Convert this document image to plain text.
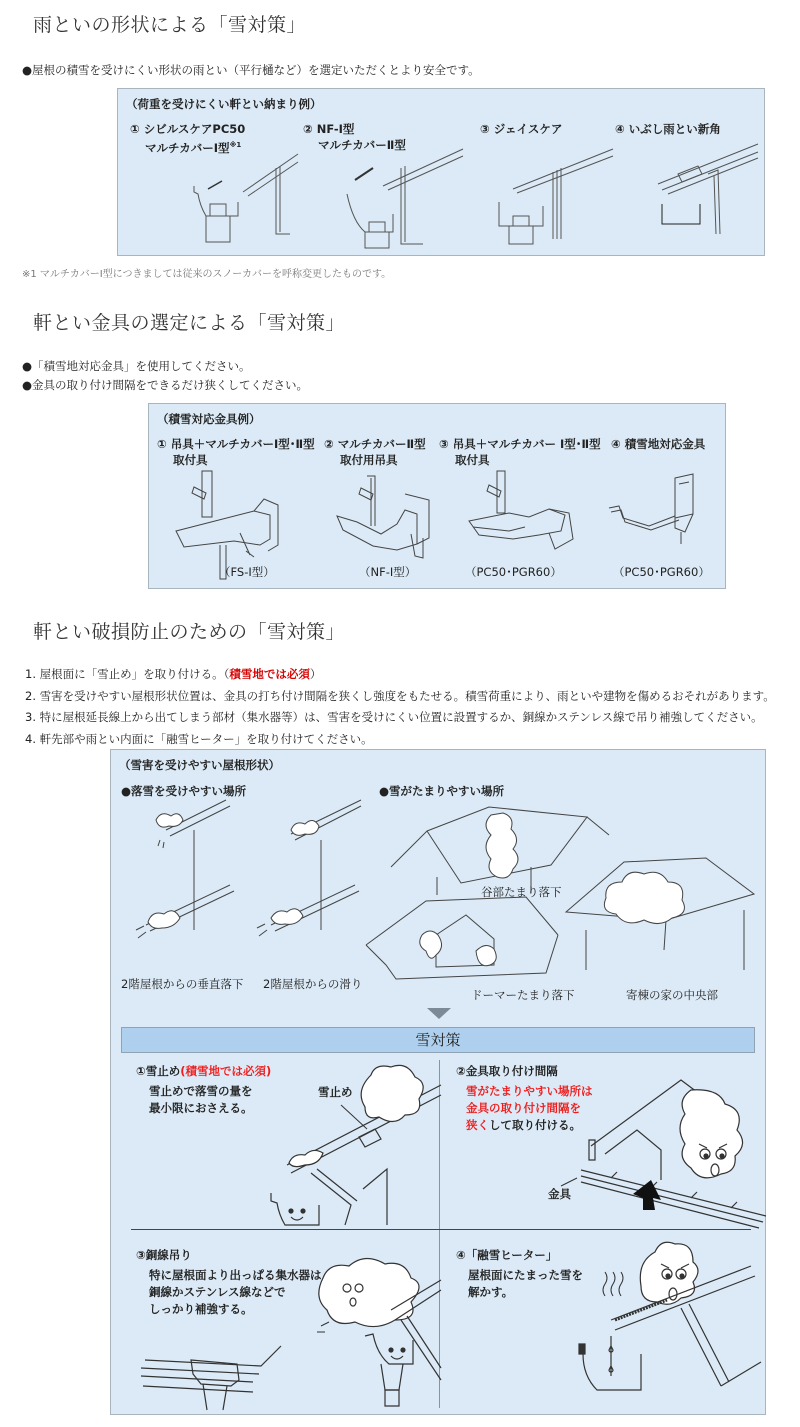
雨といの形状による「雪対策」

●屋根の積雪を受けにくい形状の雨とい（平行樋など）を選定いただくとより安全です。

（荷重を受けにくい軒とい納まり例）
① シビルスケアPC50
マルチカバーⅠ型$^{※1}$
② NF-Ⅰ型
マルチカバーⅡ型
③ ジェイスケア	④ いぶし雨とい新角

※1 マルチカバーⅠ型につきましては従来のスノーカバーを呼称変更したものです。

軒とい金具の選定による「雪対策」

●「積雪地対応金具」を使用してください。

●金具の取り付け間隔をできるだけ狭くしてください。

（積雪対応金具例）
① 吊具＋マルチカバーⅠ型･Ⅱ型
取付具
② マルチカバーⅡ型
取付用吊具
③ 吊具＋マルチカバー Ⅰ型･Ⅱ型
取付具
④ 積雪地対応金具
（FS-Ⅰ型）	（NF-Ⅰ型）	（PC50･PGR60）	（PC50･PGR60）
軒とい破損防止のための「雪対策」
1. 屋根面に「雪止め」を取り付ける。（積雪地では必須）
2. 雪害を受けやすい屋根形状位置は、金具の打ち付け間隔を狭くし強度をもたせる。積雪荷重により、雨といや建物を傷めるおそれがあります。
3. 特に屋根延長線上から出てしまう部材（集水器等）は、雪害を受けにくい位置に設置するか、銅線かステンレス線で吊り補強してください。
4. 軒先部や雨とい内面に「融雪ヒーター」を取り付けてください。
（雪害を受けやすい屋根形状）
●落雪を受けやすい場所	●雪がたまりやすい場所
谷部たまり落下
ドーマーたまり落下	寄棟の家の中央部
2階屋根からの垂直落下 2階屋根からの滑り
雪対策
①雪止め(積雪地では必須)
雪止めで落雪の量を
最小限におさえる。
雪止め
②金具取り付け間隔
雪がたまりやすい場所は
金具の取り付け間隔を
狭くして取り付ける。
金具
③銅線吊り
特に屋根面より出っぱる集水器は
銅線かステンレス線などで
しっかり補強する。
④「融雪ヒーター」
屋根面にたまった雪を
解かす。
